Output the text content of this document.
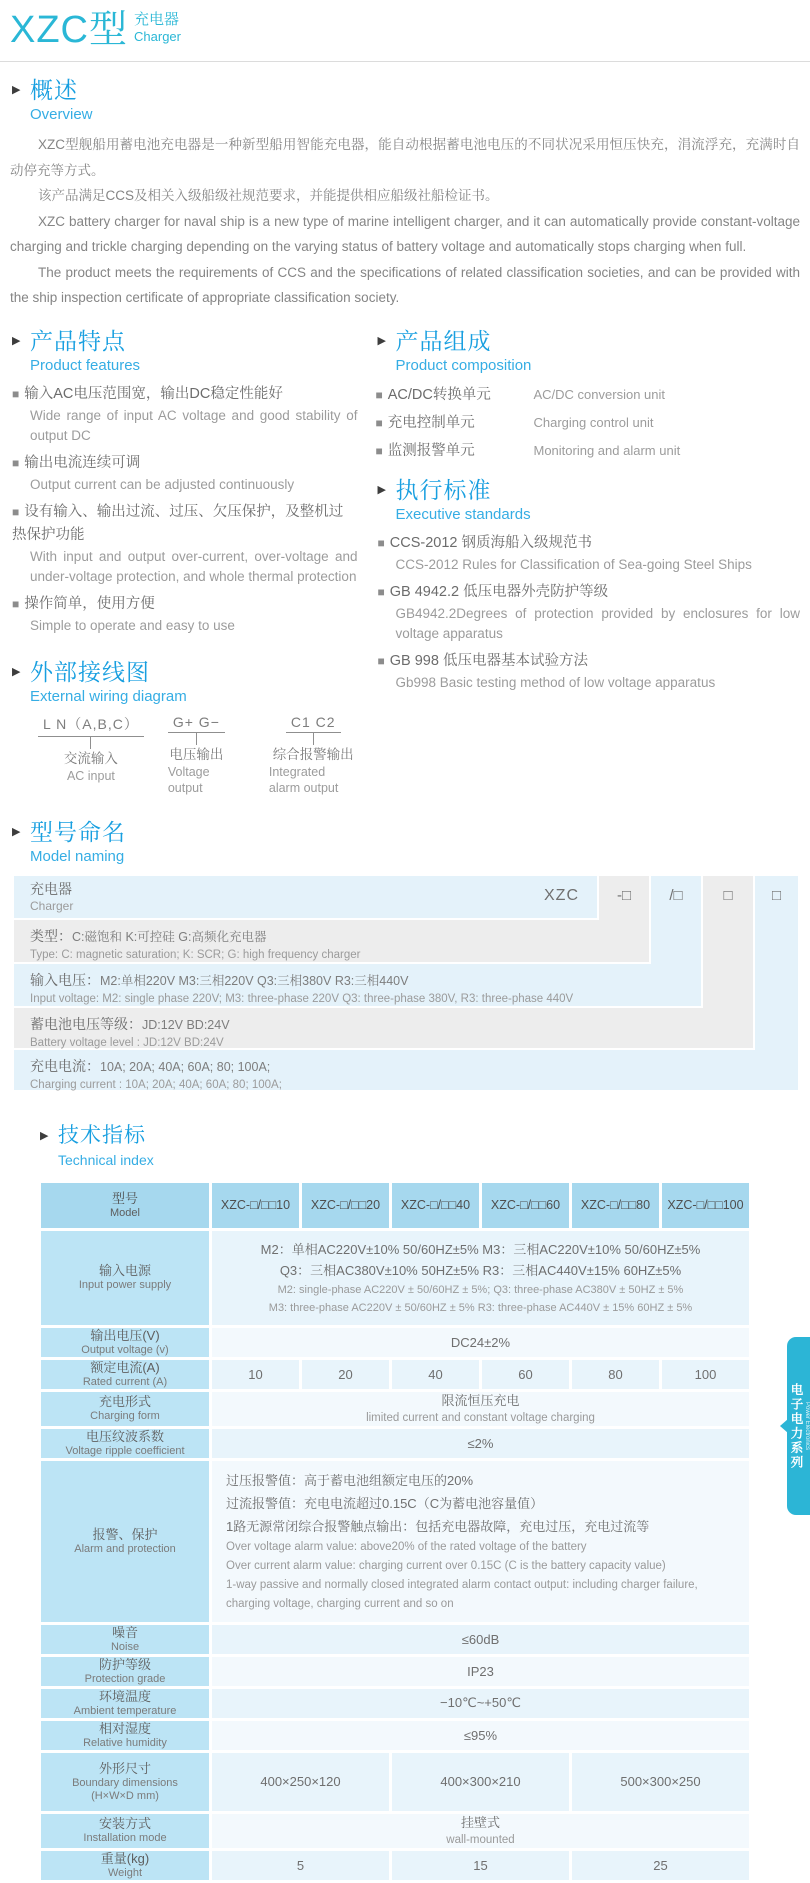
XZC型 充电器
Charger
▶ 概述
Overview

XZC型舰船用蓄电池充电器是一种新型船用智能充电器，能自动根据蓄电池电压的不同状况采用恒压快充，涓流浮充，充满时自动停充等方式。

该产品满足CCS及相关入级船级社规范要求，并能提供相应船级社船检证书。

XZC battery charger for naval ship is a new type of marine intelligent charger, and it can automatically provide constant-voltage charging and trickle charging depending on the varying status of battery voltage and automatically stops charging when full.

The product meets the requirements of CCS and the specifications of related classification societies, and can be provided with the ship inspection certificate of appropriate classification society.

▶ 产品特点
Product features
■ 输入AC电压范围宽，输出DC稳定性能好
Wide range of input AC voltage and good stability of output DC
■ 输出电流连续可调
Output current can be adjusted continuously
■ 设有输入、输出过流、过压、欠压保护，及整机过热保护功能
With input and output over-current, over-voltage and under-voltage protection, and whole thermal protection
■ 操作简单，使用方便
Simple to operate and easy to use
▶ 外部接线图
External wiring diagram
L N（A,B,C）
交流输入
AC input
G+ G−
电压输出
Voltage output
C1 C2
综合报警输出
Integrated alarm output
▶ 产品组成
Product composition
■ AC/DC转换单元	AC/DC conversion unit
■ 充电控制单元	Charging control unit
■ 监测报警单元	Monitoring and alarm unit
▶ 执行标准
Executive standards
■ CCS-2012 钢质海船入级规范书
CCS-2012 Rules for Classification of Sea-going Steel Ships
■ GB 4942.2 低压电器外壳防护等级
GB4942.2Degrees of protection provided by enclosures for low voltage apparatus
■ GB 998 低压电器基本试验方法
Gb998 Basic testing method of low voltage apparatus
▶ 型号命名
Model naming
-□	/□	□	□
充电器
Charger
XZC
类型：C:磁饱和 K:可控硅 G:高频化充电器
Type: C: magnetic saturation; K: SCR; G: high frequency charger
输入电压：M2:单相220V M3:三相220V Q3:三相380V R3:三相440V
Input voltage: M2: single phase 220V; M3: three-phase 220V Q3: three-phase 380V, R3: three-phase 440V
蓄电池电压等级：JD:12V BD:24V
Battery voltage level : JD:12V BD:24V
充电电流：10A; 20A; 40A; 60A; 80; 100A;
Charging current : 10A; 20A; 40A; 60A; 80; 100A;
▶ 技术指标
Technical index
型号
Model	XZC-□/□□10	XZC-□/□□20	XZC-□/□□40	XZC-□/□□60	XZC-□/□□80	XZC-□/□□100

输入电源
Input power supply

M2：单相AC220V±10% 50/60HZ±5% M3：三相AC220V±10% 50/60HZ±5%
Q3：三相AC380V±10% 50HZ±5% R3：三相AC440V±15% 60HZ±5%
M2: single-phase AC220V ± 50/60HZ ± 5%; Q3: three-phase AC380V ± 50HZ ± 5%
M3: three-phase AC220V ± 50/60HZ ± 5% R3: three-phase AC440V ± 15% 60HZ ± 5%

输出电压(V)
Output voltage (v)	DC24±2%					

额定电流(A)
Rated current (A)	10	20	40	60	80	100

充电形式
Charging form

限流恒压充电
limited current and constant voltage charging

电压纹波系数
Voltage ripple coefficient	≤2%					

报警、保护
Alarm and protection

过压报警值：高于蓄电池组额定电压的20%
过流报警值：充电电流超过0.15C（C为蓄电池容量值）
1路无源常闭综合报警触点输出：包括充电器故障，充电过压，充电过流等
Over voltage alarm value: above20% of the rated voltage of the battery
Over current alarm value: charging current over 0.15C (C is the battery capacity value)
1-way passive and normally closed integrated alarm contact output: including charger failure, charging voltage, charging current and so on

噪音
Noise	≤60dB					

防护等级
Protection grade	IP23					

环境温度
Ambient temperature	−10℃~+50℃					

相对湿度
Relative humidity	≤95%					

外形尺寸
Boundary dimensions
(H×W×D mm)	400×250×120		400×300×210		500×300×250	

安装方式
Installation mode

挂壁式
wall-mounted

重量(kg)
Weight	5		15		25	
电子电力系列 Power Electronics
